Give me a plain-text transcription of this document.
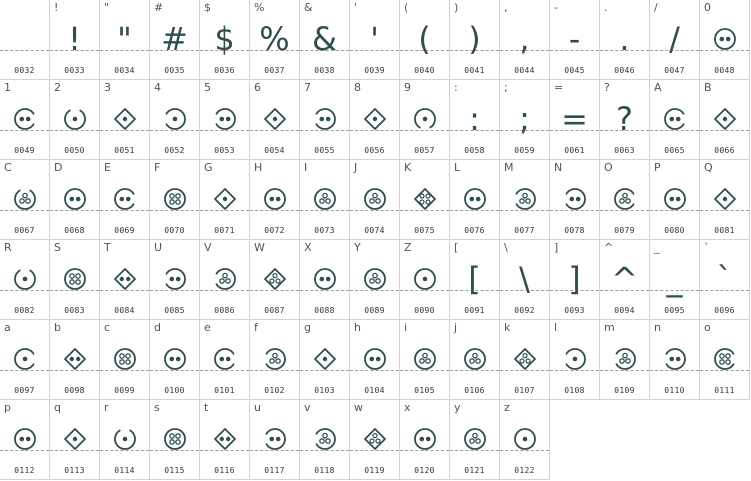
0032
!
!
0033
"
"
0034
#
#
0035
$
$
0036
%
%
0037
&
&
0038
'
'
0039
(
(
0040
)
)
0041
,
,
0044
-
-
0045
.
.
0046
/
/
0047
0
0048
1
0049
2
0050
3
0051
4
0052
5
0053
6
0054
7
0055
8
0056
9
0057
:
:
0058
;
;
0059
=
=
0061
?
?
0063
A
0065
B
0066
C
0067
D
0068
E
0069
F
0070
G
0071
H
0072
I
0073
J
0074
K
0075
L
0076
M
0077
N
0078
O
0079
P
0080
Q
0081
R
0082
S
0083
T
0084
U
0085
V
0086
W
0087
X
0088
Y
0089
Z
0090
[
[
0091
\
\
0092
]
]
0093
^
^
0094
_
_
0095
`
`
0096
a
0097
b
0098
c
0099
d
0100
e
0101
f
0102
g
0103
h
0104
i
0105
j
0106
k
0107
l
0108
m
0109
n
0110
o
0111
p
0112
q
0113
r
0114
s
0115
t
0116
u
0117
v
0118
w
0119
x
0120
y
0121
z
0122
